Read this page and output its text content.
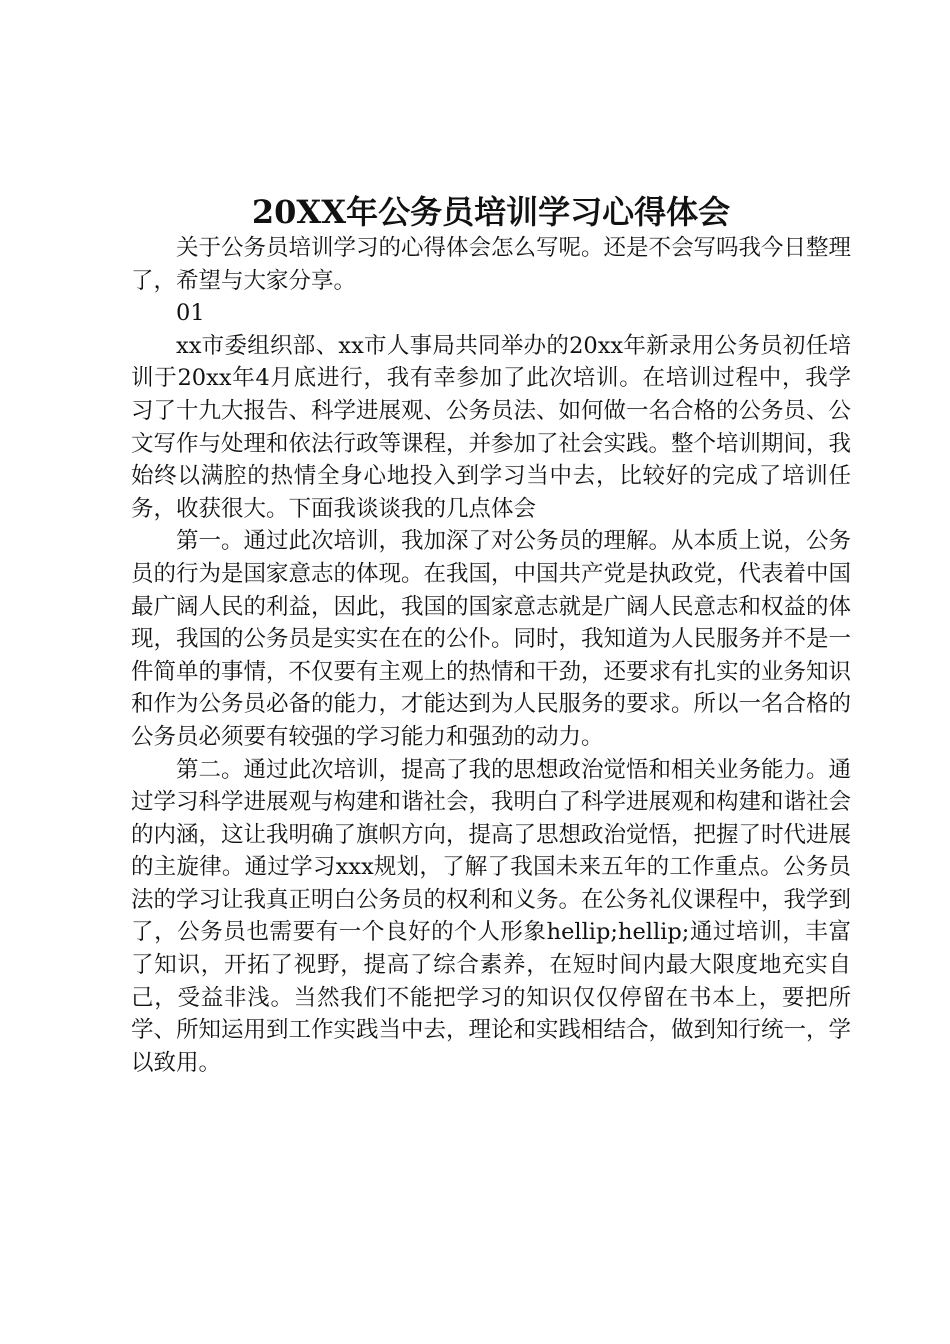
20XX年公务员培训学习心得体会

关于公务员培训学习的心得体会怎么写呢。还是不会写吗我今日整理了，希望与大家分享。

01

xx市委组织部、xx市人事局共同举办的20xx年新录用公务员初任培训于20xx年4月底进行，我有幸参加了此次培训。在培训过程中，我学习了十九大报告、科学进展观、公务员法、如何做一名合格的公务员、公文写作与处理和依法行政等课程，并参加了社会实践。整个培训期间，我始终以满腔的热情全身心地投入到学习当中去，比较好的完成了培训任务，收获很大。下面我谈谈我的几点体会

第一。通过此次培训，我加深了对公务员的理解。从本质上说，公务员的行为是国家意志的体现。在我国，中国共产党是执政党，代表着中国最广阔人民的利益，因此，我国的国家意志就是广阔人民意志和权益的体现，我国的公务员是实实在在的公仆。同时，我知道为人民服务并不是一件简单的事情，不仅要有主观上的热情和干劲，还要求有扎实的业务知识和作为公务员必备的能力，才能达到为人民服务的要求。所以一名合格的公务员必须要有较强的学习能力和强劲的动力。

第二。通过此次培训，提高了我的思想政治觉悟和相关业务能力。通过学习科学进展观与构建和谐社会，我明白了科学进展观和构建和谐社会的内涵，这让我明确了旗帜方向，提高了思想政治觉悟，把握了时代进展的主旋律。通过学习xxx规划，了解了我国未来五年的工作重点。公务员法的学习让我真正明白公务员的权利和义务。在公务礼仪课程中，我学到了，公务员也需要有一个良好的个人形象hellip;hellip;通过培训，丰富了知识，开拓了视野，提高了综合素养，在短时间内最大限度地充实自己，受益非浅。当然我们不能把学习的知识仅仅停留在书本上，要把所学、所知运用到工作实践当中去，理论和实践相结合，做到知行统一，学以致用。
